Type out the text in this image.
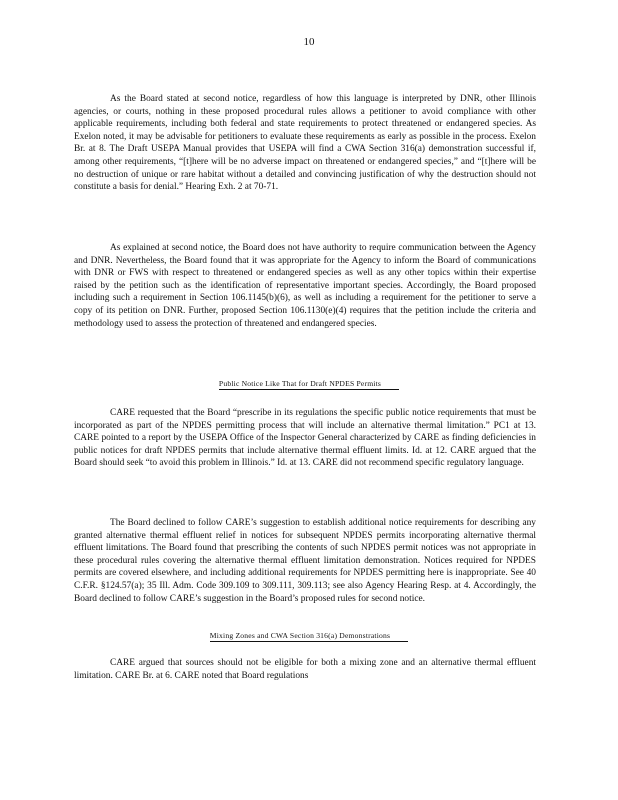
10

As the Board stated at second notice, regardless of how this language is interpreted by DNR, other Illinois agencies, or courts, nothing in these proposed procedural rules allows a petitioner to avoid compliance with other applicable requirements, including both federal and state requirements to protect threatened or endangered species. As Exelon noted, it may be advisable for petitioners to evaluate these requirements as early as possible in the process. Exelon Br. at 8. The Draft USEPA Manual provides that USEPA will find a CWA Section 316(a) demonstration successful if, among other requirements, “[t]here will be no adverse impact on threatened or endangered species,” and “[t]here will be no destruction of unique or rare habitat without a detailed and convincing justification of why the destruction should not constitute a basis for denial.” Hearing Exh. 2 at 70-71.

As explained at second notice, the Board does not have authority to require communication between the Agency and DNR. Nevertheless, the Board found that it was appropriate for the Agency to inform the Board of communications with DNR or FWS with respect to threatened or endangered species as well as any other topics within their expertise raised by the petition such as the identification of representative important species. Accordingly, the Board proposed including such a requirement in Section 106.1145(b)(6), as well as including a requirement for the petitioner to serve a copy of its petition on DNR. Further, proposed Section 106.1130(e)(4) requires that the petition include the criteria and methodology used to assess the protection of threatened and endangered species.

Public Notice Like That for Draft NPDES Permits

CARE requested that the Board “prescribe in its regulations the specific public notice requirements that must be incorporated as part of the NPDES permitting process that will include an alternative thermal limitation.” PC1 at 13. CARE pointed to a report by the USEPA Office of the Inspector General characterized by CARE as finding deficiencies in public notices for draft NPDES permits that include alternative thermal effluent limits. Id. at 12. CARE argued that the Board should seek “to avoid this problem in Illinois.” Id. at 13. CARE did not recommend specific regulatory language.

The Board declined to follow CARE’s suggestion to establish additional notice requirements for describing any granted alternative thermal effluent relief in notices for subsequent NPDES permits incorporating alternative thermal effluent limitations. The Board found that prescribing the contents of such NPDES permit notices was not appropriate in these procedural rules covering the alternative thermal effluent limitation demonstration. Notices required for NPDES permits are covered elsewhere, and including additional requirements for NPDES permitting here is inappropriate. See 40 C.F.R. §124.57(a); 35 Ill. Adm. Code 309.109 to 309.111, 309.113; see also Agency Hearing Resp. at 4. Accordingly, the Board declined to follow CARE’s suggestion in the Board’s proposed rules for second notice.

Mixing Zones and CWA Section 316(a) Demonstrations

CARE argued that sources should not be eligible for both a mixing zone and an alternative thermal effluent limitation. CARE Br. at 6. CARE noted that Board regulations
